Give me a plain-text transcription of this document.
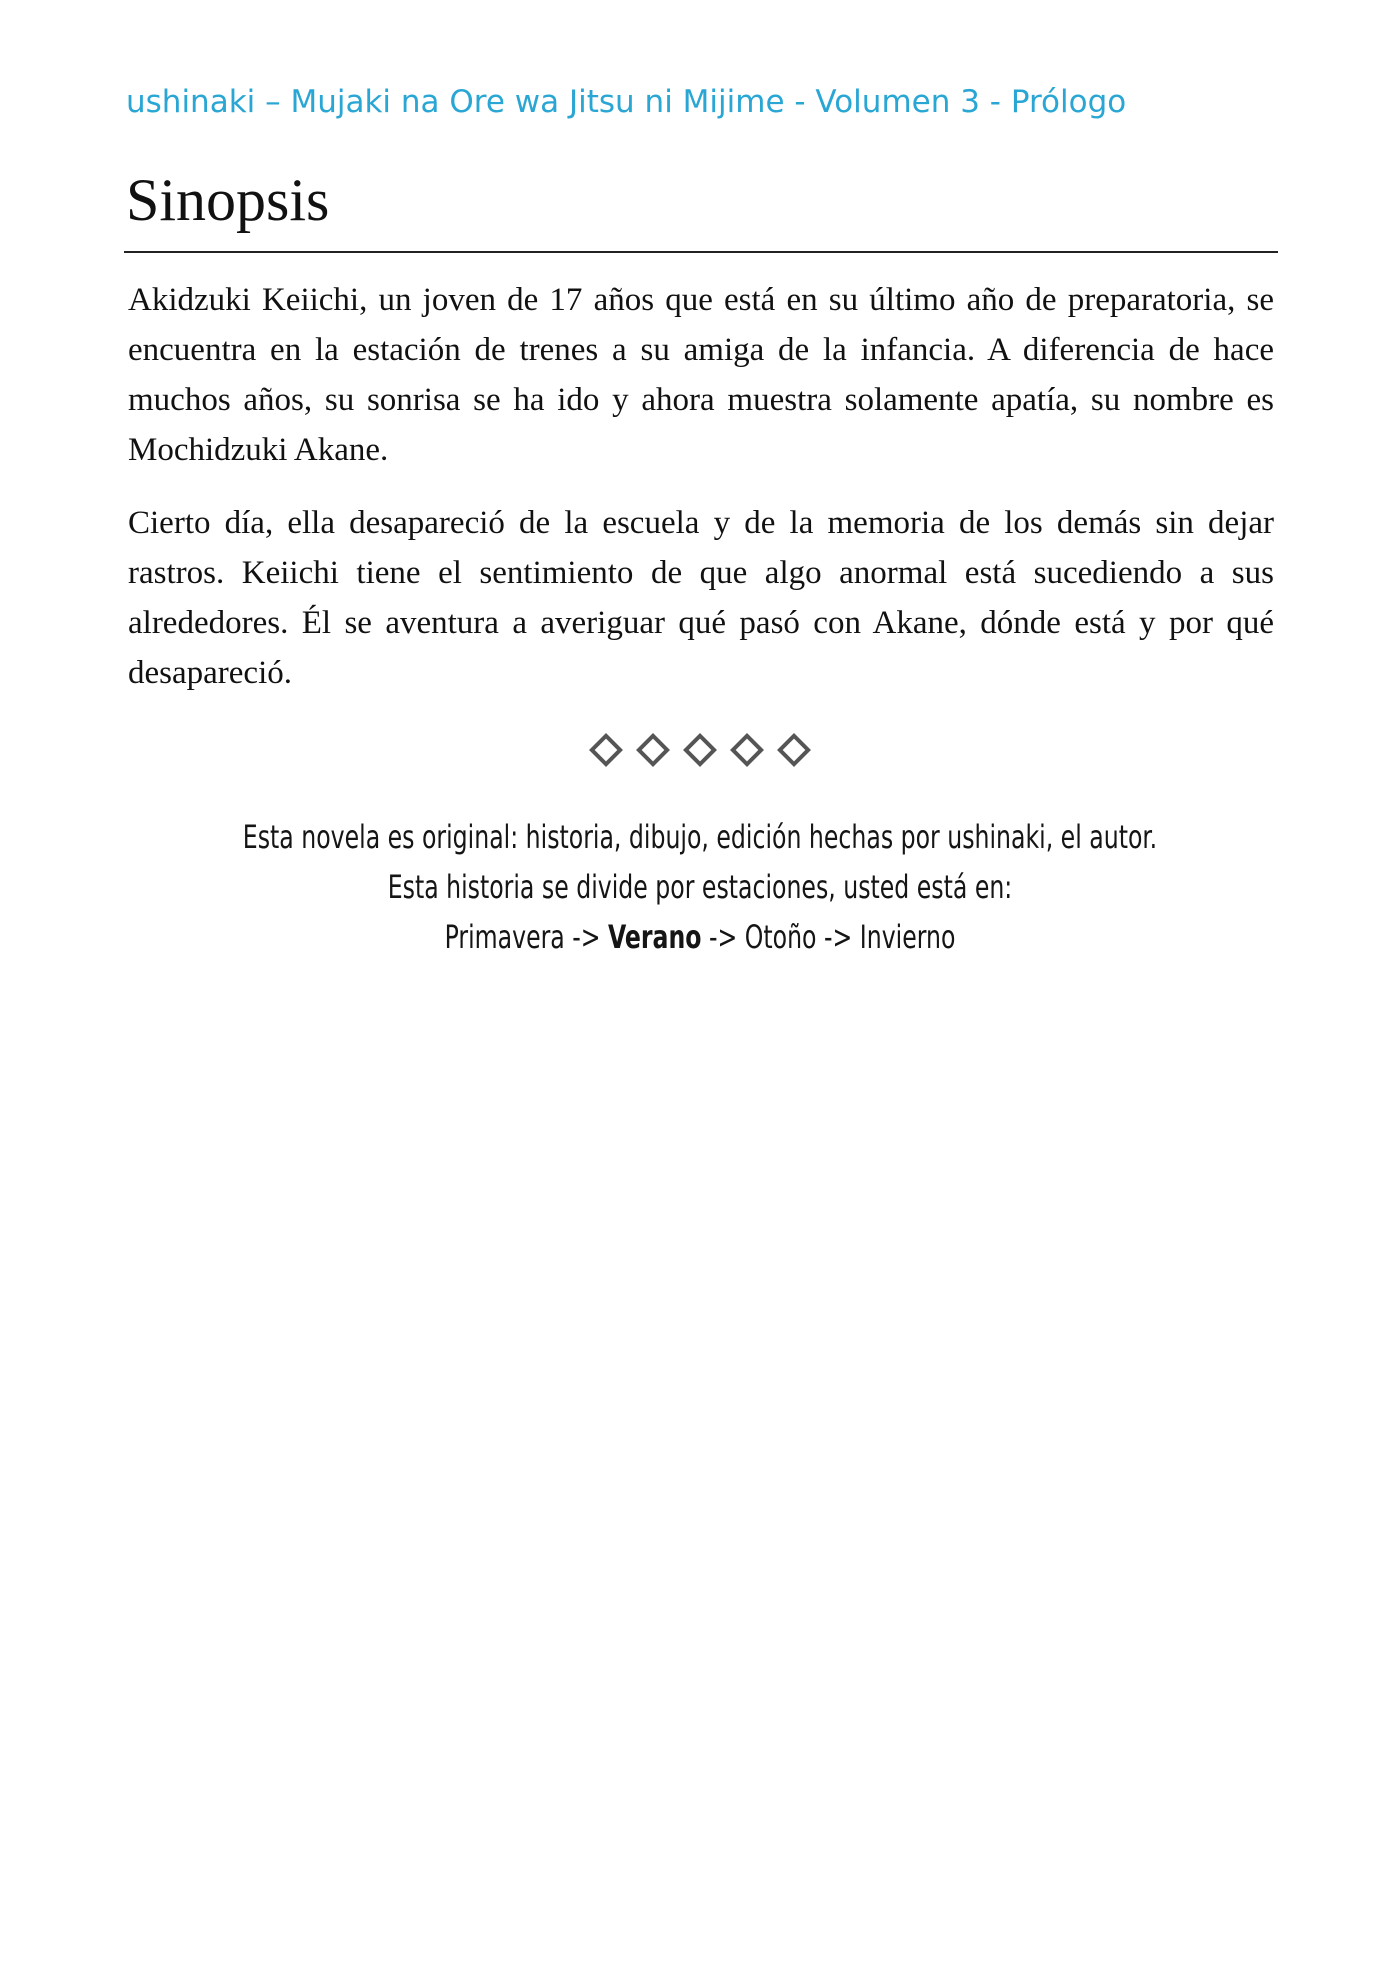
ushinaki – Mujaki na Ore wa Jitsu ni Mijime - Volumen 3 - Prólogo
Sinopsis

Akidzuki Keiichi, un joven de 17 años que está en su último año de preparatoria, se encuentra en la estación de trenes a su amiga de la infancia. A diferencia de hace muchos años, su sonrisa se ha ido y ahora muestra solamente apatía, su nombre es Mochidzuki Akane.

Cierto día, ella desapareció de la escuela y de la memoria de los demás sin dejar rastros. Keiichi tiene el sentimiento de que algo anormal está sucediendo a sus alrededores. Él se aventura a averiguar qué pasó con Akane, dónde está y por qué desapareció.

Esta novela es original: historia, dibujo, edición hechas por ushinaki, el autor.
Esta historia se divide por estaciones, usted está en:
Primavera -> Verano -> Otoño -> Invierno
